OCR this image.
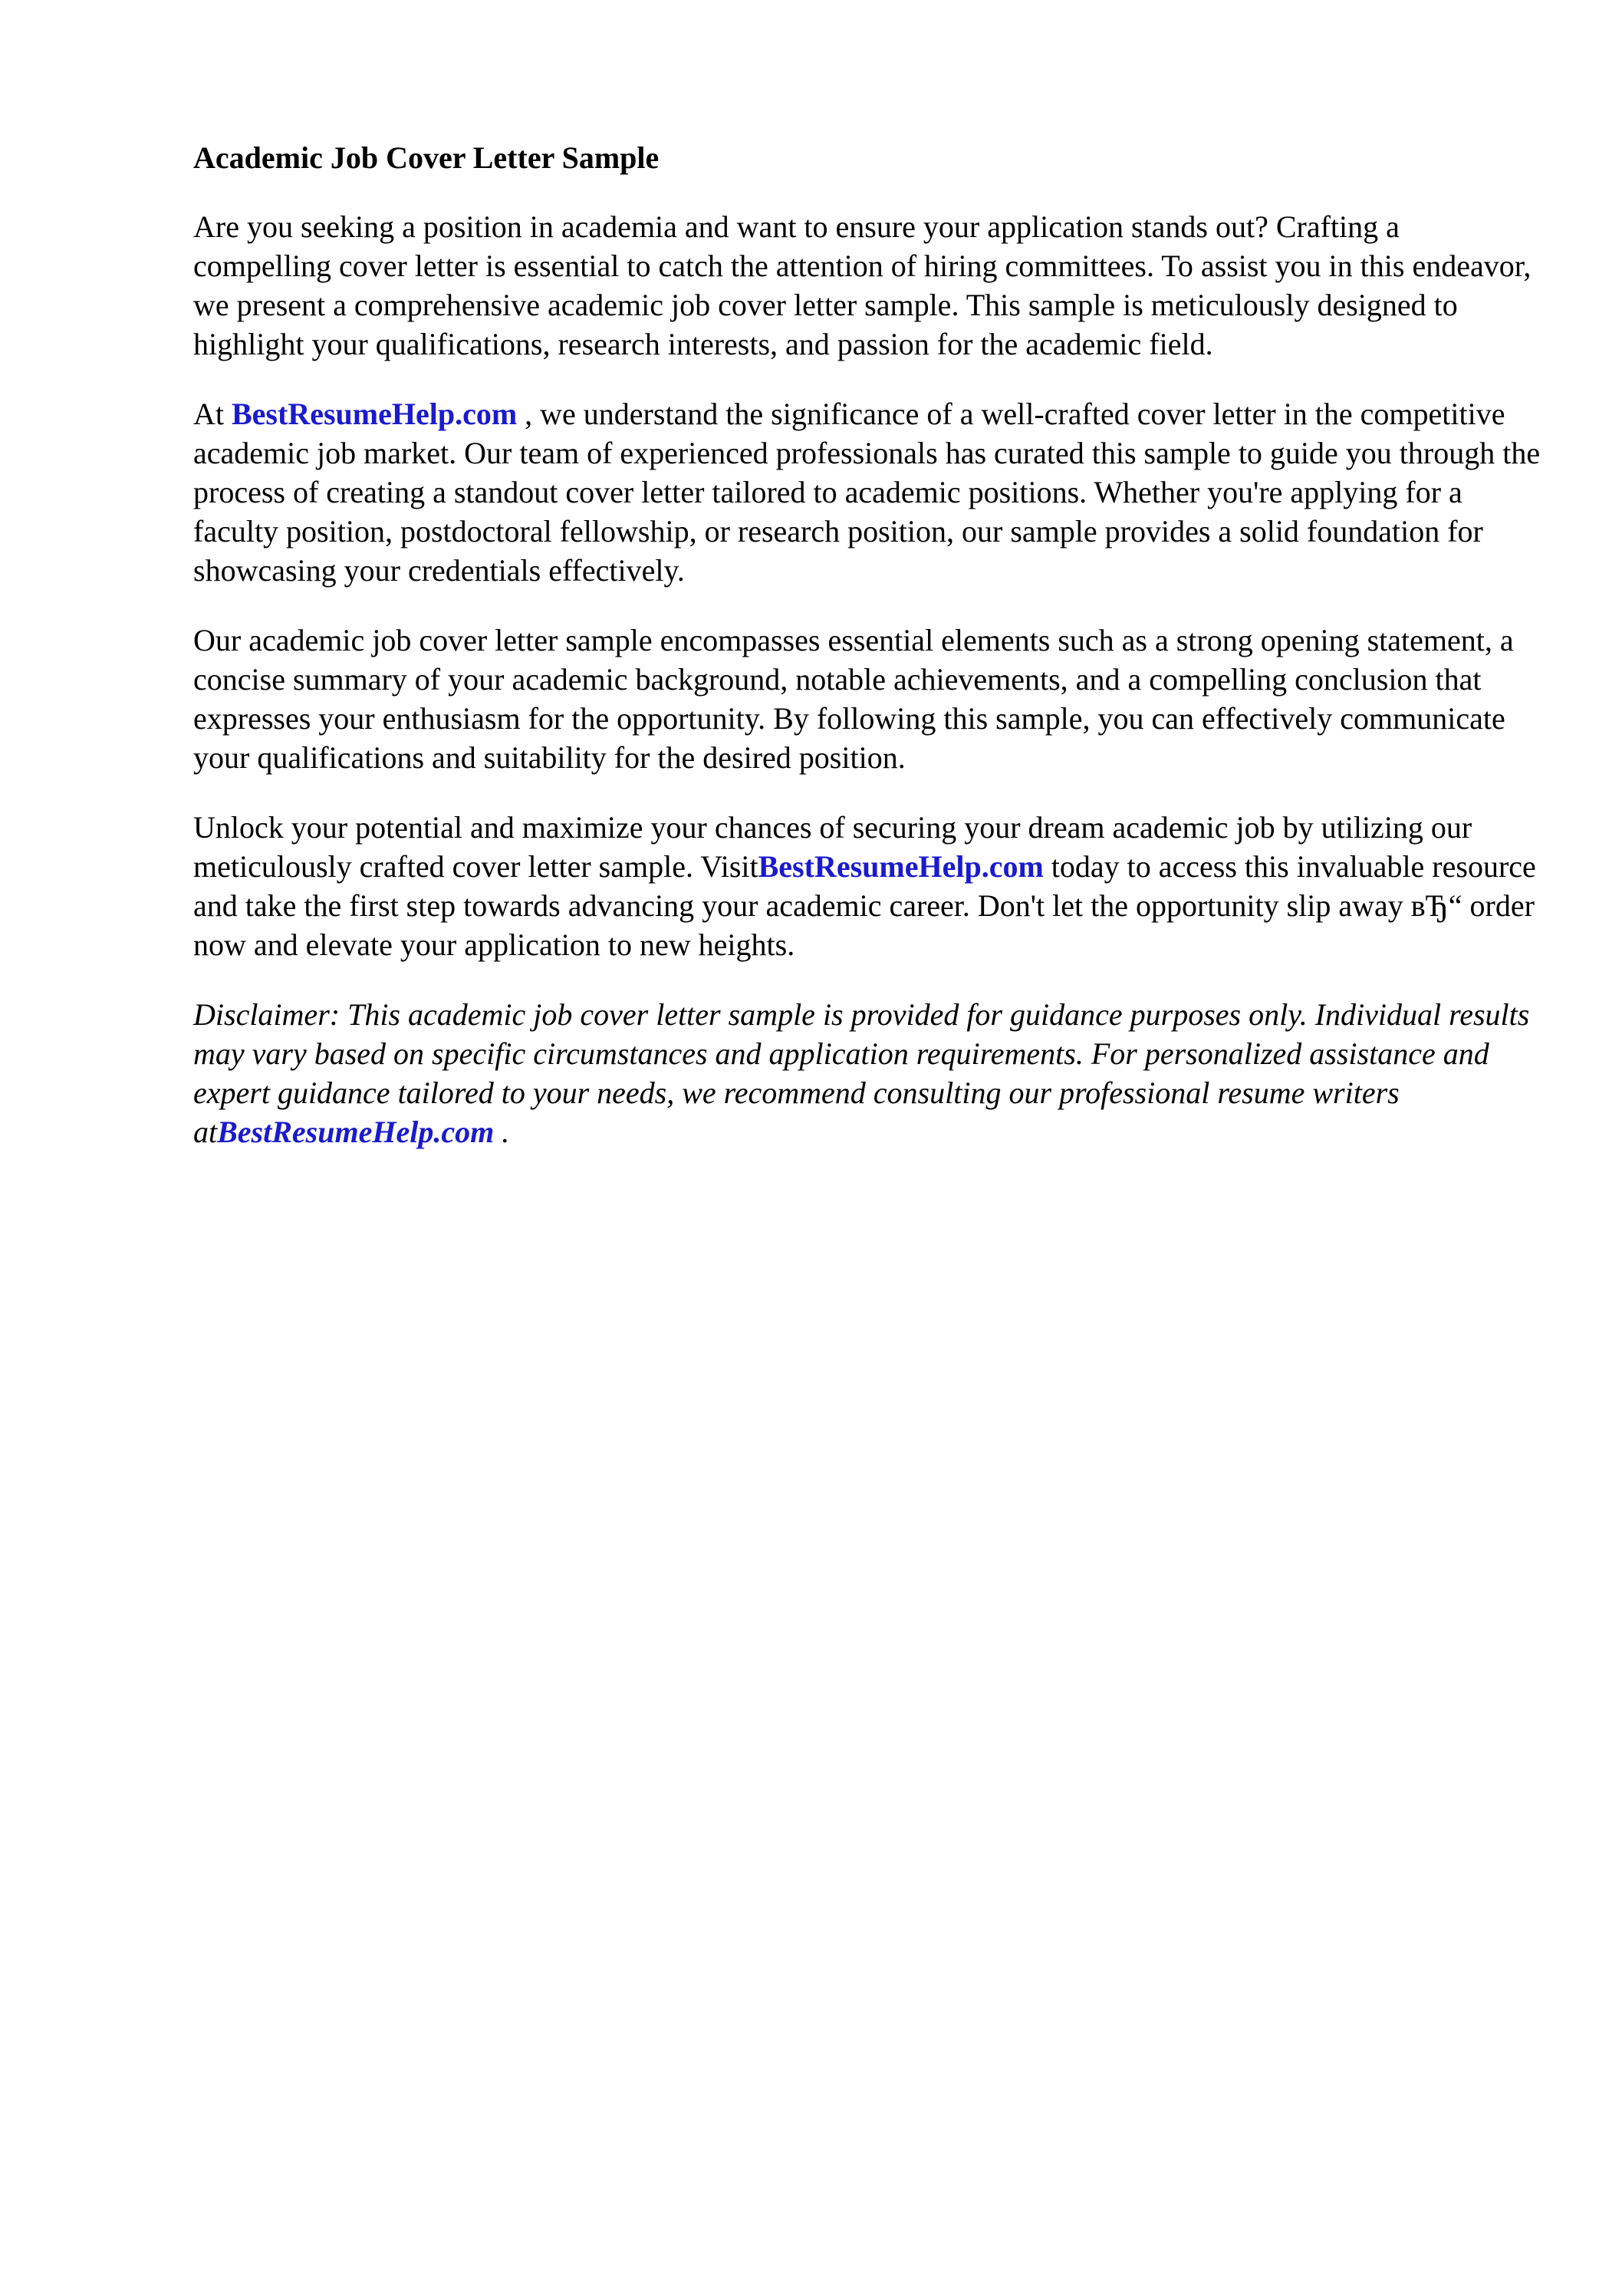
Academic Job Cover Letter Sample

Are you seeking a position in academia and want to ensure your application stands out? Crafting a compelling cover letter is essential to catch the attention of hiring committees. To assist you in this endeavor, we present a comprehensive academic job cover letter sample. This sample is meticulously designed to highlight your qualifications, research interests, and passion for the academic field.

At BestResumeHelp.com , we understand the significance of a well-crafted cover letter in the competitive academic job market. Our team of experienced professionals has curated this sample to guide you through the process of creating a standout cover letter tailored to academic positions. Whether you're applying for a faculty position, postdoctoral fellowship, or research position, our sample provides a solid foundation for showcasing your credentials effectively.

Our academic job cover letter sample encompasses essential elements such as a strong opening statement, a concise summary of your academic background, notable achievements, and a compelling conclusion that expresses your enthusiasm for the opportunity. By following this sample, you can effectively communicate your qualifications and suitability for the desired position.

Unlock your potential and maximize your chances of securing your dream academic job by utilizing our meticulously crafted cover letter sample. VisitBestResumeHelp.com today to access this invaluable resource and take the first step towards advancing your academic career. Don't let the opportunity slip away вЂ“ order now and elevate your application to new heights.

Disclaimer: This academic job cover letter sample is provided for guidance purposes only. Individual results may vary based on specific circumstances and application requirements. For personalized assistance and expert guidance tailored to your needs, we recommend consulting our professional resume writers atBestResumeHelp.com .
